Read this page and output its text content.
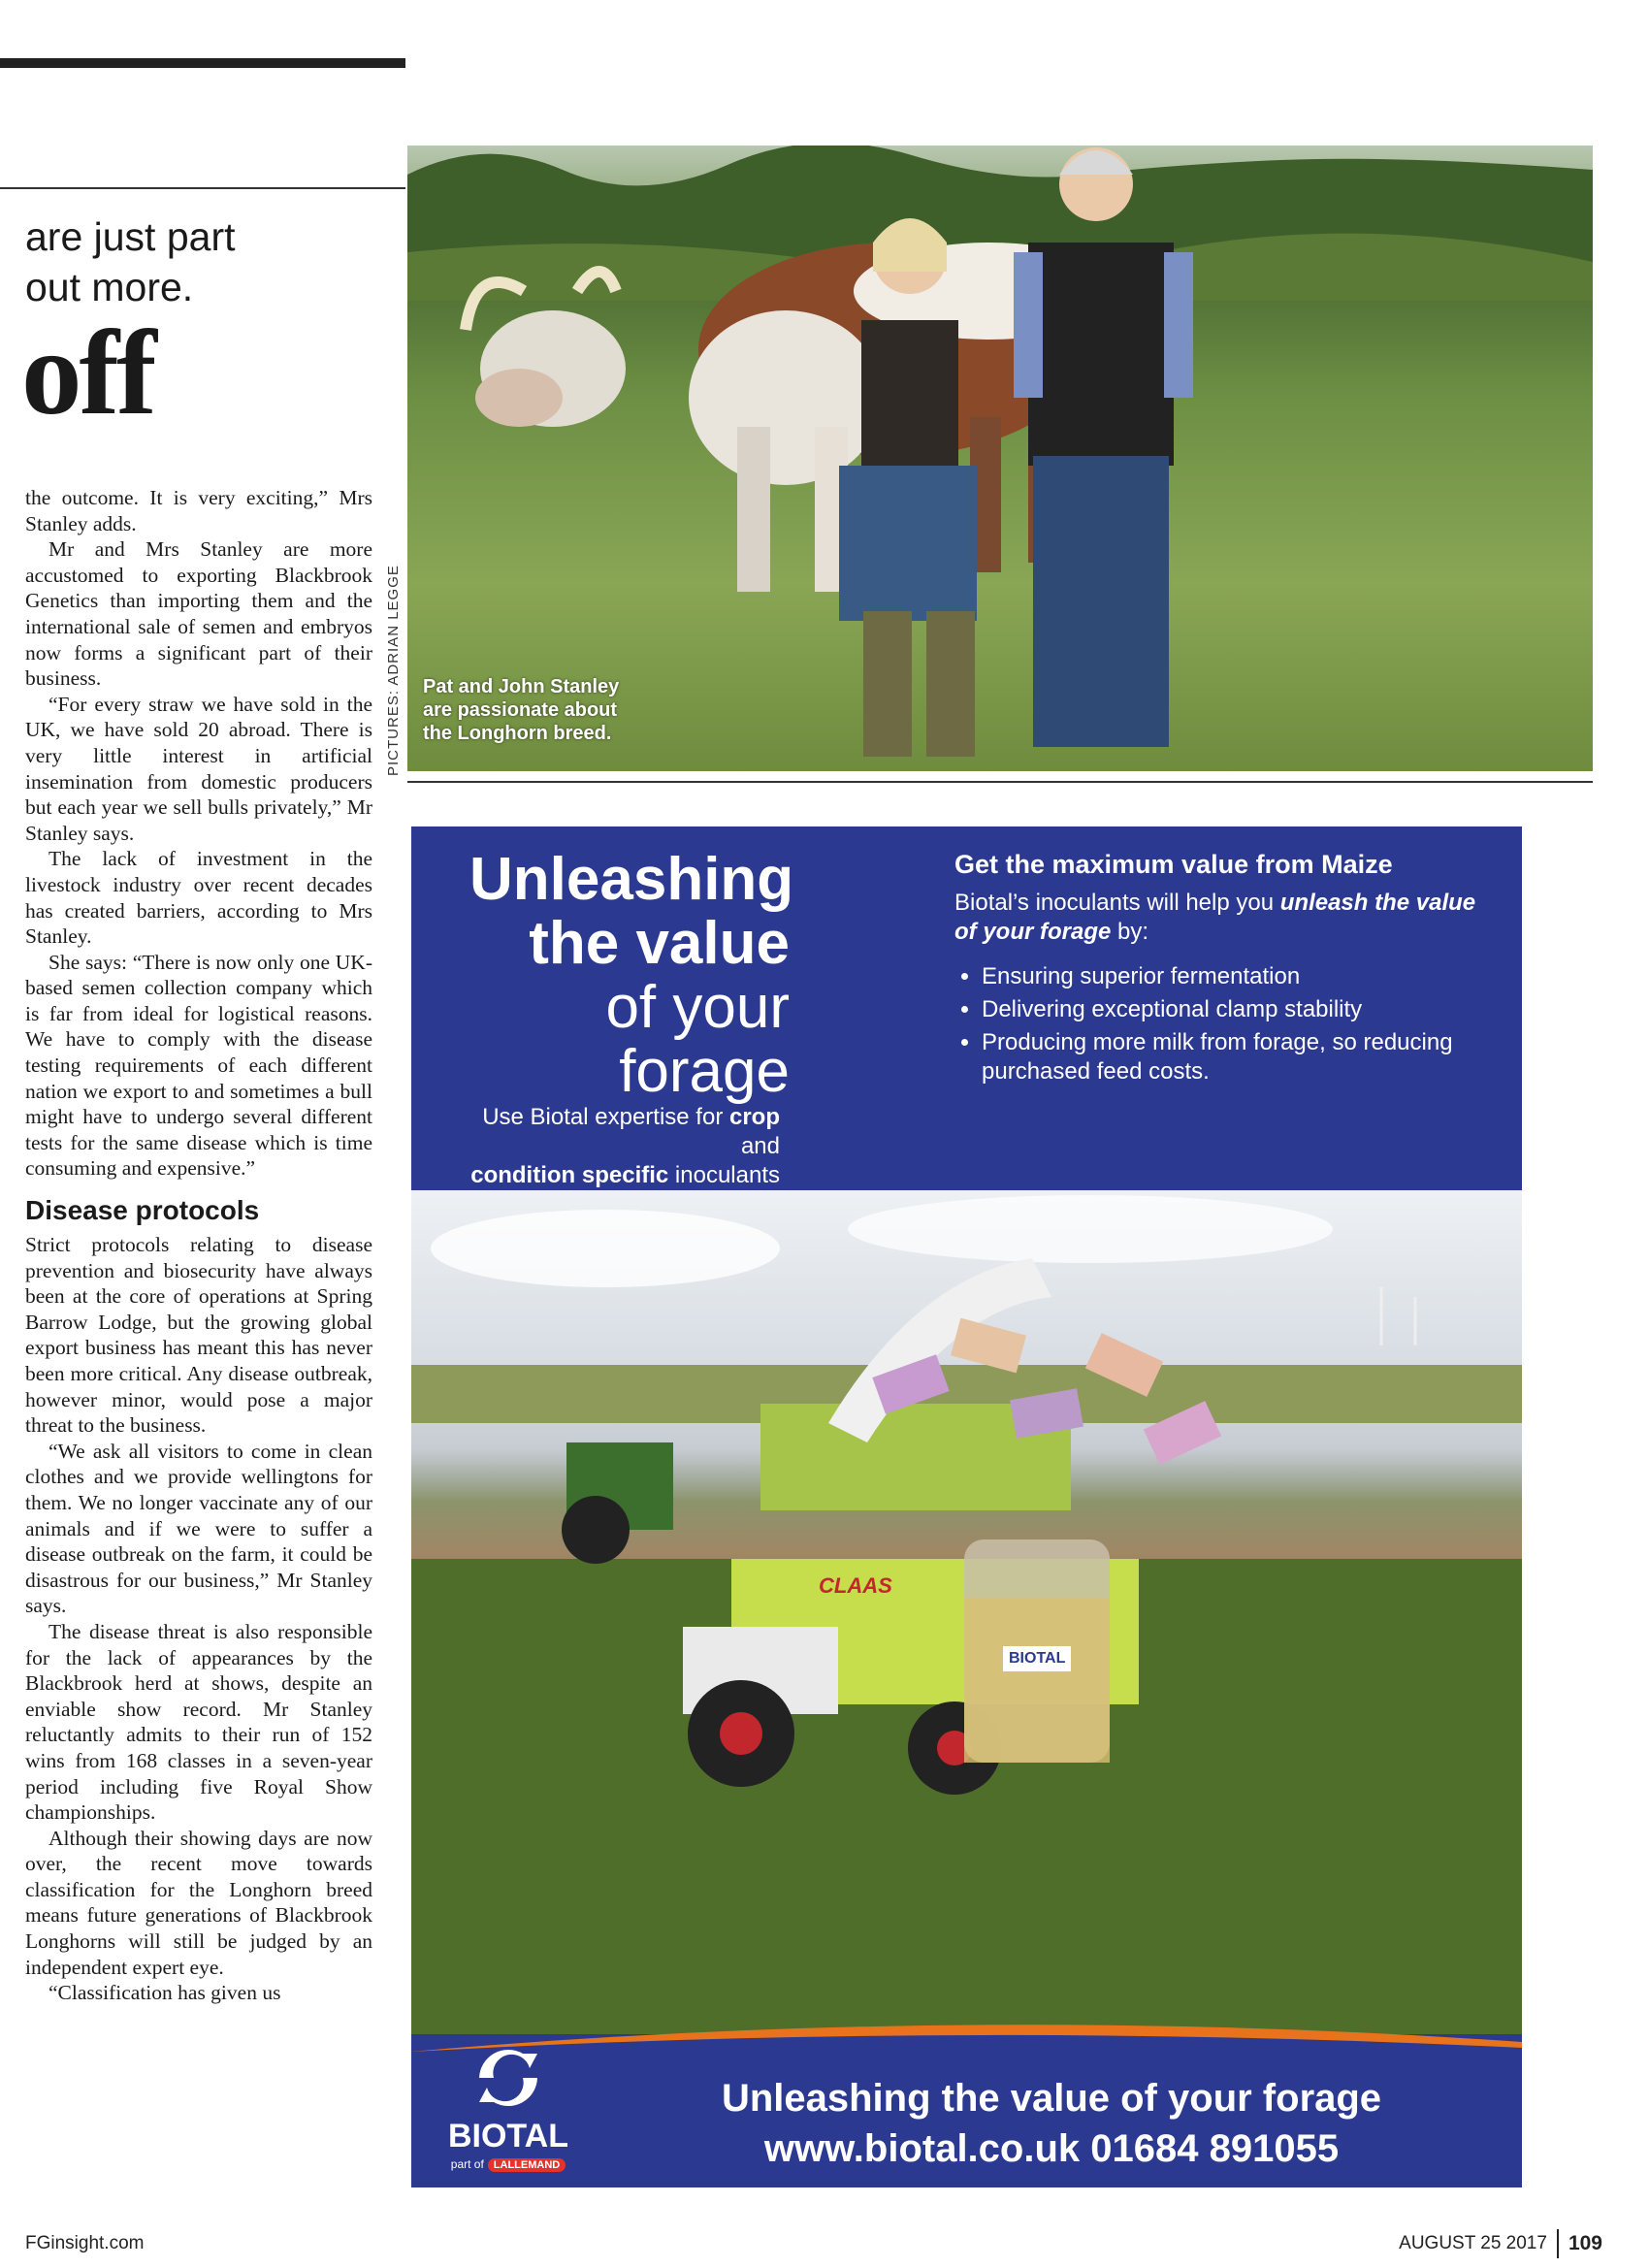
are just part
out more.
off

the outcome. It is very exciting,” Mrs Stanley adds.

Mr and Mrs Stanley are more accustomed to exporting Blackbrook Genetics than importing them and the international sale of semen and embryos now forms a significant part of their business.

“For every straw we have sold in the UK, we have sold 20 abroad. There is very little interest in artificial insemination from domestic producers but each year we sell bulls privately,” Mr Stanley says.

The lack of investment in the livestock industry over recent decades has created barriers, according to Mrs Stanley.

She says: “There is now only one UK-based semen collection company which is far from ideal for logistical reasons. We have to comply with the disease testing requirements of each different nation we export to and sometimes a bull might have to undergo several different tests for the same disease which is time consuming and expensive.”

Disease protocols

Strict protocols relating to disease prevention and biosecurity have always been at the core of operations at Spring Barrow Lodge, but the growing global export business has meant this has never been more critical. Any disease outbreak, however minor, would pose a major threat to the business.

“We ask all visitors to come in clean clothes and we provide wellingtons for them. We no longer vaccinate any of our animals and if we were to suffer a disease outbreak on the farm, it could be disastrous for our business,” Mr Stanley says.

The disease threat is also responsible for the lack of appearances by the Blackbrook herd at shows, despite an enviable show record. Mr Stanley reluctantly admits to their run of 152 wins from 168 classes in a seven-year period including five Royal Show championships.

Although their showing days are now over, the recent move towards classification for the Longhorn breed means future generations of Blackbrook Longhorns will still be judged by an independent expert eye.

“Classification has given us

PICTURES: ADRIAN LEGGE Pat and John Stanley
are passionate about
the Longhorn breed.
Unleashing
the value
of your forage
Use Biotal expertise for crop and
condition specific inoculants
Get the maximum value from Maize
Biotal’s inoculants will help you unleash the value of your forage by:
• Ensuring superior fermentation
• Delivering exceptional clamp stability
• Producing more milk from forage, so reducing purchased feed costs.
CLAAS
BIOTAL
BIOTAL
part of LALLEMAND
Unleashing the value of your forage
www.biotal.co.uk 01684 891055
FGinsight.com	AUGUST 25 2017 109
